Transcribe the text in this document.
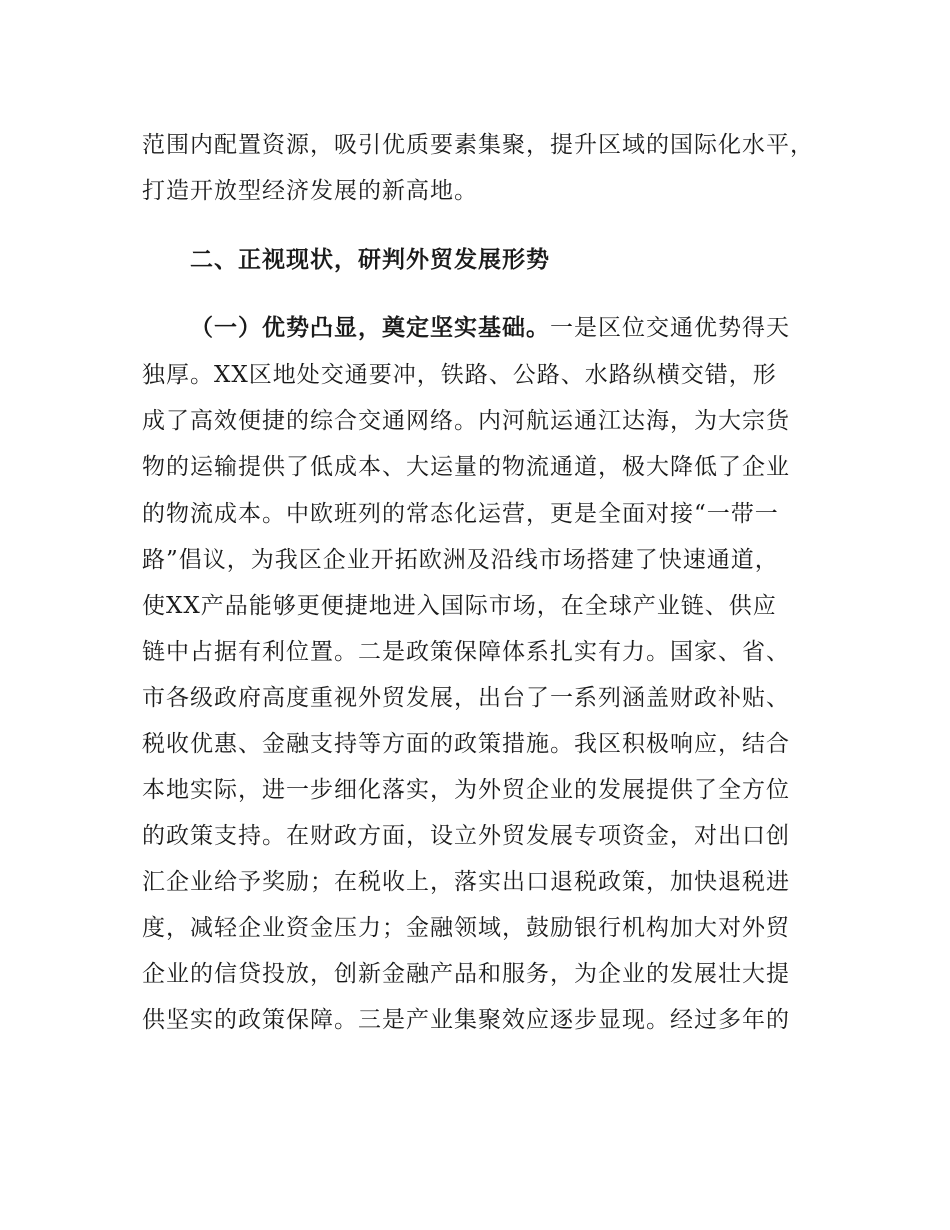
范围内配置资源，吸引优质要素集聚，提升区域的国际化水平，
打造开放型经济发展的新高地。
二、正视现状，研判外贸发展形势
（一）优势凸显，奠定坚实基础。一是区位交通优势得天
独厚。XX区地处交通要冲，铁路、公路、水路纵横交错，形
成了高效便捷的综合交通网络。内河航运通江达海，为大宗货
物的运输提供了低成本、大运量的物流通道，极大降低了企业
的物流成本。中欧班列的常态化运营，更是全面对接“一带一
路”倡议，为我区企业开拓欧洲及沿线市场搭建了快速通道，
使XX产品能够更便捷地进入国际市场，在全球产业链、供应
链中占据有利位置。二是政策保障体系扎实有力。国家、省、
市各级政府高度重视外贸发展，出台了一系列涵盖财政补贴、
税收优惠、金融支持等方面的政策措施。我区积极响应，结合
本地实际，进一步细化落实，为外贸企业的发展提供了全方位
的政策支持。在财政方面，设立外贸发展专项资金，对出口创
汇企业给予奖励；在税收上，落实出口退税政策，加快退税进
度，减轻企业资金压力；金融领域，鼓励银行机构加大对外贸
企业的信贷投放，创新金融产品和服务，为企业的发展壮大提
供坚实的政策保障。三是产业集聚效应逐步显现。经过多年的
